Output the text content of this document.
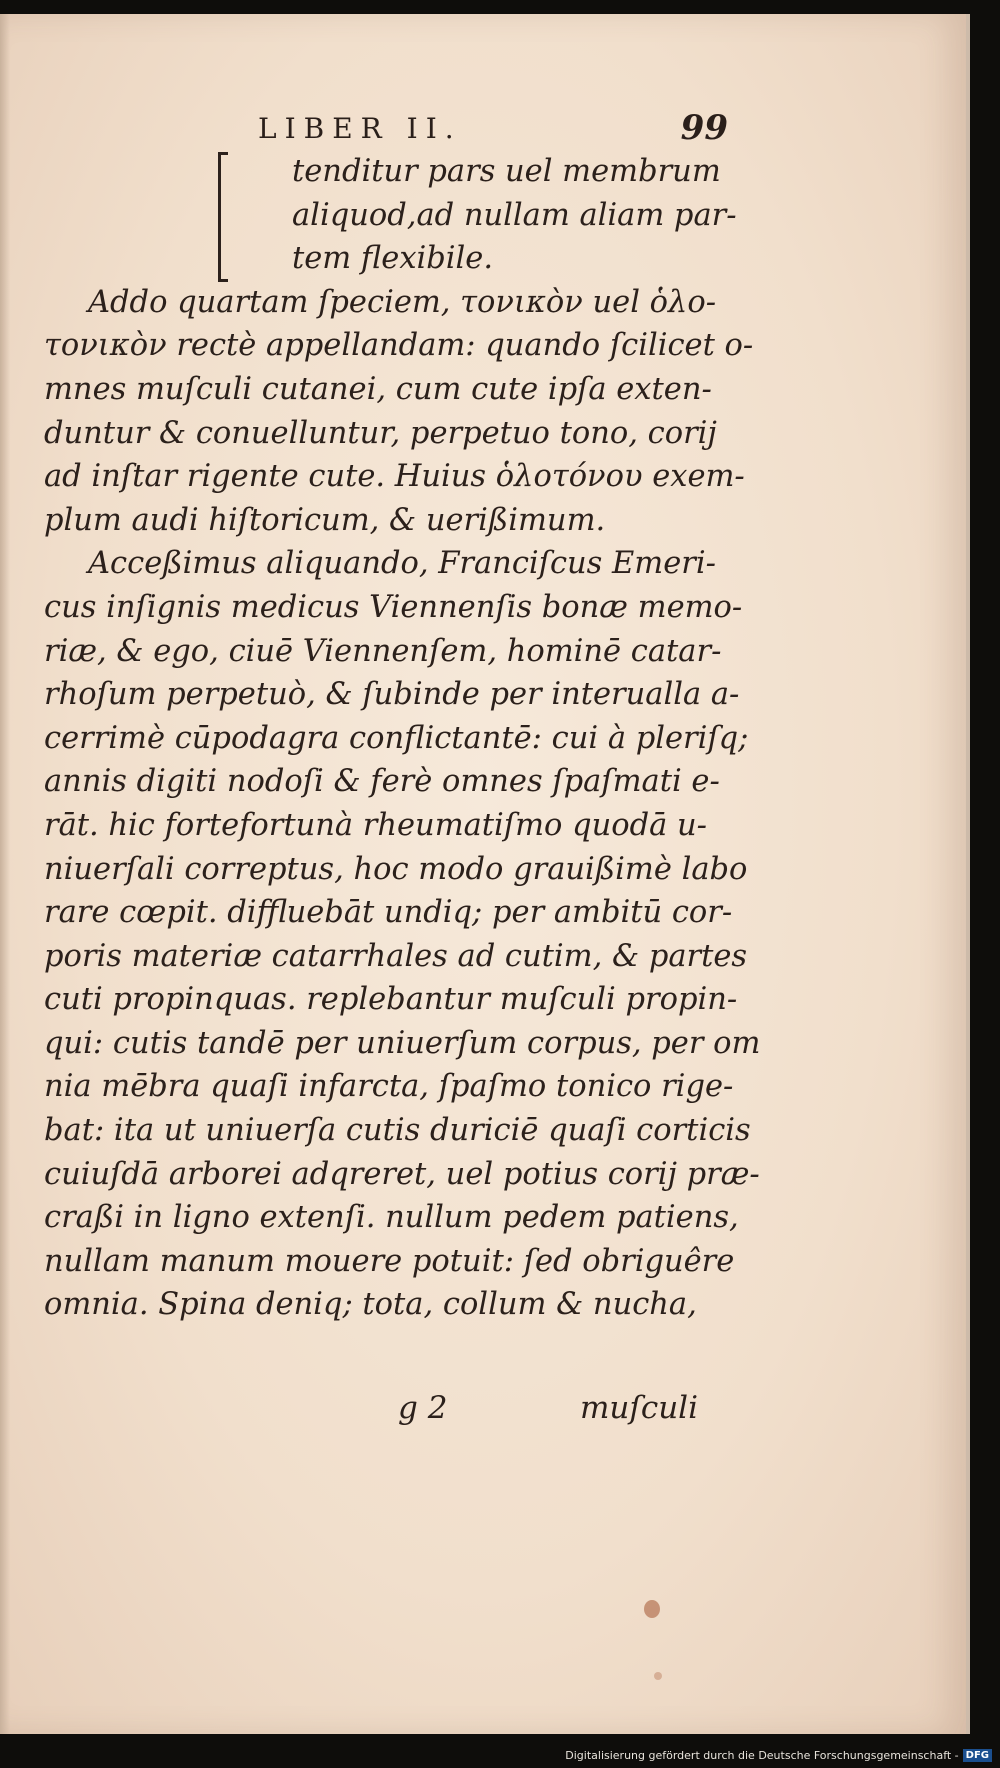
LIBER II.	99
tenditur pars uel membrum
aliquod,ad nullam aliam par-
tem flexibile.
Addo quartam ſpeciem, τονικὸν uel ὁλο-
τονικὸν rectè appellandam: quando ſcilicet o-
mnes muſculi cutanei, cum cute ipſa exten-
duntur & conuelluntur, perpetuo tono, corij
ad inſtar rigente cute. Huius ὁλοτόνου exem-
plum audi hiſtoricum, & uerißimum.
Acceßimus aliquando, Franciſcus Emeri-
cus inſignis medicus Viennenſis bonæ memo-
riæ, & ego, ciuē Viennenſem, hominē catar-
rhoſum perpetuò, & ſubinde per interualla a-
cerrimè cūpodagra conflictantē: cui à pleriſq;
annis digiti nodoſi & ferè omnes ſpaſmati e-
rāt. hic fortefortunà rheumatiſmo quodā u-
niuerſali correptus, hoc modo grauißimè labo
rare cœpit. diffluebāt undiq; per ambitū cor-
poris materiæ catarrhales ad cutim, & partes
cuti propinquas. replebantur muſculi propin-
qui: cutis tandē per uniuerſum corpus, per om
nia mēbra quaſi infarcta, ſpaſmo tonico rige-
bat: ita ut uniuerſa cutis duriciē quaſi corticis
cuiuſdā arborei adqreret, uel potius corij præ-
craßi in ligno extenſi. nullum pedem patiens,
nullam manum mouere potuit: ſed obriguêre
omnia. Spina deniq; tota, collum & nucha,
g 2	muſculi
Digitalisierung gefördert durch die Deutsche Forschungsgemeinschaft - DFG
